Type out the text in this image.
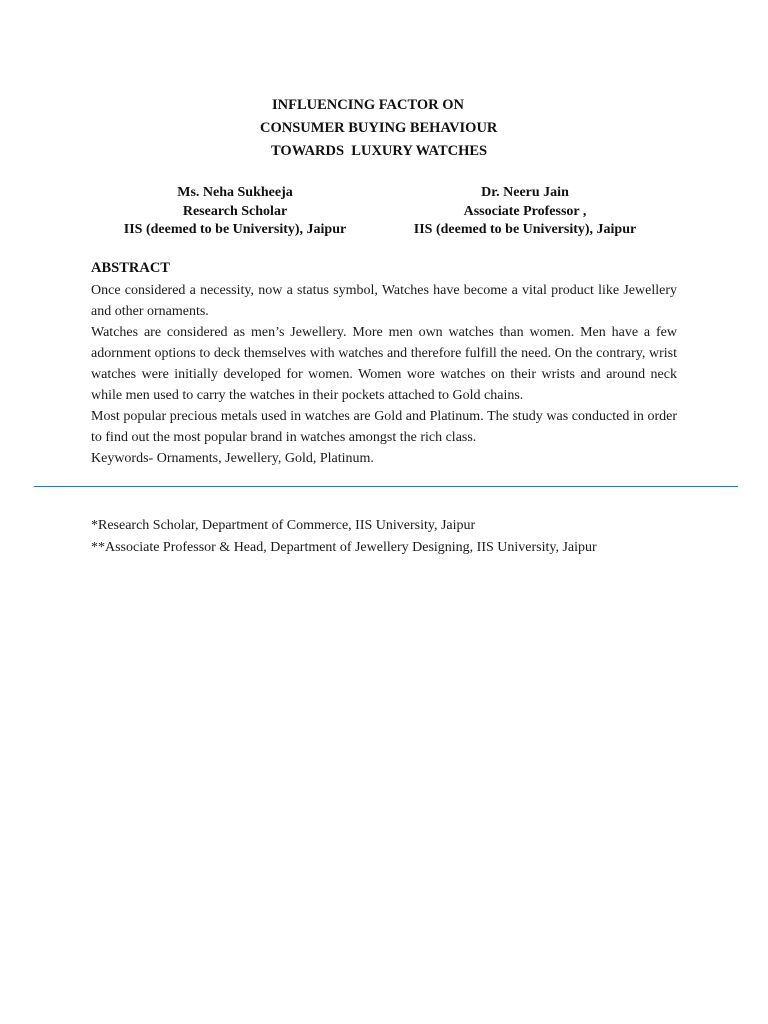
INFLUENCING FACTOR ON
CONSUMER BUYING BEHAVIOUR
TOWARDS  LUXURY WATCHES
Ms. Neha Sukheeja
Research Scholar
IIS (deemed to be University), Jaipur
Dr. Neeru Jain
Associate Professor ,
IIS (deemed to be University), Jaipur
ABSTRACT

Once considered a necessity, now a status symbol, Watches have become a vital product like Jewellery and other ornaments.

Watches are considered as men’s Jewellery. More men own watches than women. Men have a few adornment options to deck themselves with watches and therefore fulfill the need. On the contrary, wrist watches were initially developed for women. Women wore watches on their wrists and around neck while men used to carry the watches in their pockets attached to Gold chains.

Most popular precious metals used in watches are Gold and Platinum. The study was conducted in order to find out the most popular brand in watches amongst the rich class.

Keywords- Ornaments, Jewellery, Gold, Platinum.

*Research Scholar, Department of Commerce, IIS University, Jaipur
**Associate Professor & Head, Department of Jewellery Designing, IIS University, Jaipur
